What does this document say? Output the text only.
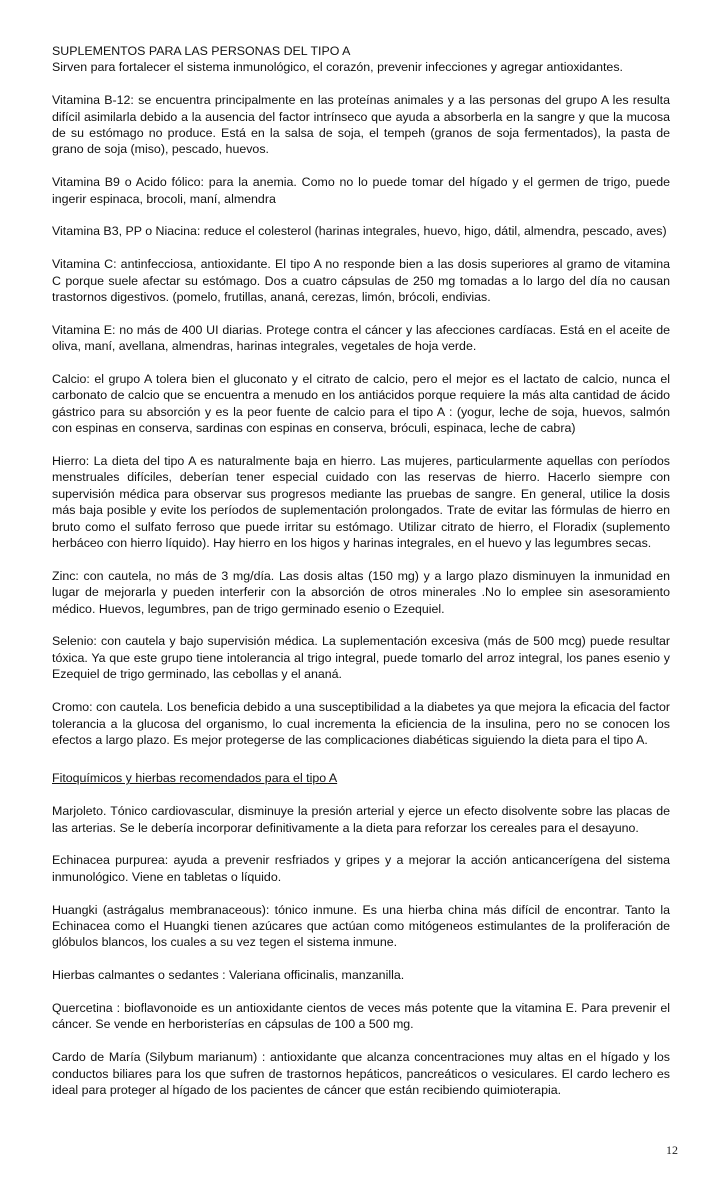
SUPLEMENTOS PARA LAS PERSONAS DEL TIPO A

Sirven para fortalecer el sistema inmunológico, el corazón, prevenir infecciones y agregar antioxidantes.

Vitamina B-12: se encuentra principalmente en las proteínas animales y a las personas del grupo A les resulta difícil asimilarla debido a la ausencia del factor intrínseco que ayuda a absorberla en la sangre y que la mucosa de su estómago no produce. Está en la salsa de soja, el tempeh (granos de soja fermentados), la pasta de grano de soja (miso), pescado, huevos.

Vitamina B9 o Acido fólico: para la anemia. Como no lo puede tomar del hígado y el germen de trigo, puede ingerir espinaca, brocoli, maní, almendra

Vitamina B3, PP o Niacina: reduce el colesterol (harinas integrales, huevo, higo, dátil, almendra, pescado, aves)

Vitamina C: antinfecciosa, antioxidante. El tipo A no responde bien a las dosis superiores al gramo de vitamina C porque suele afectar su estómago. Dos a cuatro cápsulas de 250 mg tomadas a lo largo del día no causan trastornos digestivos. (pomelo, frutillas, ananá, cerezas, limón, brócoli, endivias.

Vitamina E: no más de 400 UI diarias. Protege contra el cáncer y las afecciones cardíacas. Está en el aceite de oliva, maní, avellana, almendras, harinas integrales, vegetales de hoja verde.

Calcio: el grupo A tolera bien el gluconato y el citrato de calcio, pero el mejor es el lactato de calcio, nunca el carbonato de calcio que se encuentra a menudo en los antiácidos porque requiere la más alta cantidad de ácido gástrico para su absorción y es la peor fuente de calcio para el tipo A : (yogur, leche de soja, huevos, salmón con espinas en conserva, sardinas con espinas en conserva, bróculi, espinaca, leche de cabra)

Hierro: La dieta del tipo A es naturalmente baja en hierro. Las mujeres, particularmente aquellas con períodos menstruales difíciles, deberían tener especial cuidado con las reservas de hierro. Hacerlo siempre con supervisión médica para observar sus progresos mediante las pruebas de sangre. En general, utilice la dosis más baja posible y evite los períodos de suplementación prolongados. Trate de evitar las fórmulas de hierro en bruto como el sulfato ferroso que puede irritar su estómago. Utilizar citrato de hierro, el Floradix (suplemento herbáceo con hierro líquido). Hay hierro en los higos y harinas integrales, en el huevo y las legumbres secas.

Zinc: con cautela, no más de 3 mg/día. Las dosis altas (150 mg) y a largo plazo disminuyen la inmunidad en lugar de mejorarla y pueden interferir con la absorción de otros minerales .No lo emplee sin asesoramiento médico. Huevos, legumbres, pan de trigo germinado esenio o Ezequiel.

Selenio: con cautela y bajo supervisión médica. La suplementación excesiva (más de 500 mcg) puede resultar tóxica. Ya que este grupo tiene intolerancia al trigo integral, puede tomarlo del arroz integral, los panes esenio y Ezequiel de trigo germinado, las cebollas y el ananá.

Cromo: con cautela. Los beneficia debido a una susceptibilidad a la diabetes ya que mejora la eficacia del factor tolerancia a la glucosa del organismo, lo cual incrementa la eficiencia de la insulina, pero no se conocen los efectos a largo plazo. Es mejor protegerse de las complicaciones diabéticas siguiendo la dieta para el tipo A.

Fitoquímicos y hierbas recomendados para el tipo A

Marjoleto. Tónico cardiovascular, disminuye la presión arterial y ejerce un efecto disolvente sobre las placas de las arterias. Se le debería incorporar definitivamente a la dieta para reforzar los cereales para el desayuno.

Echinacea purpurea: ayuda a prevenir resfriados y gripes y a mejorar la acción anticancerígena del sistema inmunológico. Viene en tabletas o líquido.

Huangki (astrágalus membranaceous): tónico inmune. Es una hierba china más difícil de encontrar. Tanto la Echinacea como el Huangki tienen azúcares que actúan como mitógeneos estimulantes de la proliferación de glóbulos blancos, los cuales a su vez tegen el sistema inmune.

Hierbas calmantes o sedantes : Valeriana officinalis, manzanilla.

Quercetina : bioflavonoide es un antioxidante cientos de veces más potente que la vitamina E. Para prevenir el cáncer. Se vende en herboristerías en cápsulas de 100 a 500 mg.

Cardo de María (Silybum marianum) : antioxidante que alcanza concentraciones muy altas en el hígado y los conductos biliares para los que sufren de trastornos hepáticos, pancreáticos o vesiculares. El cardo lechero es ideal para proteger al hígado de los pacientes de cáncer que están recibiendo quimioterapia.

12
